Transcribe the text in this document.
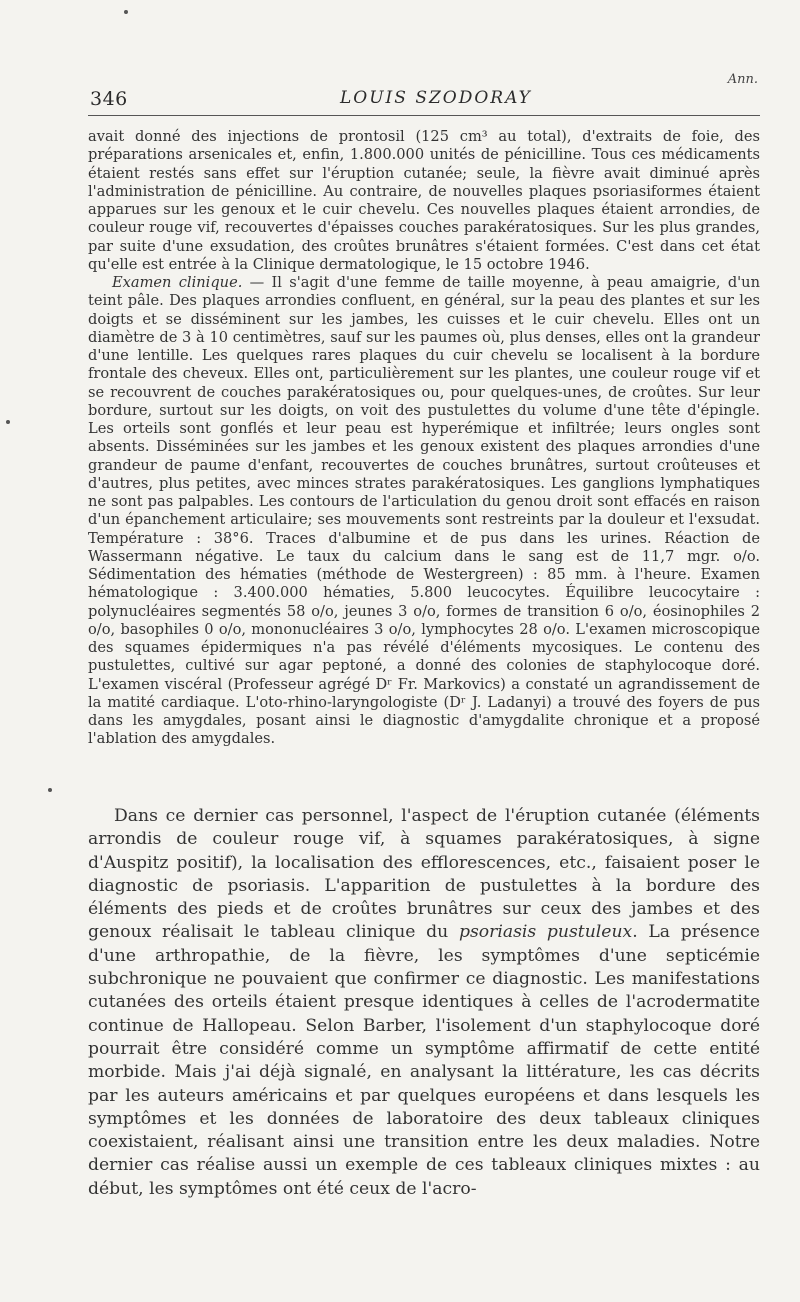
346	LOUIS SZODORAY
Ann.

avait donné des injections de prontosil (125 cm³ au total), d'extraits de foie, des préparations arsenicales et, enfin, 1.800.000 unités de pénicilline. Tous ces médicaments étaient restés sans effet sur l'éruption cutanée; seule, la fièvre avait diminué après l'administration de pénicilline. Au contraire, de nouvelles plaques psoriasiformes étaient apparues sur les genoux et le cuir chevelu. Ces nouvelles plaques étaient arrondies, de couleur rouge vif, recouvertes d'épaisses couches parakératosiques. Sur les plus grandes, par suite d'une exsudation, des croûtes brunâtres s'étaient formées. C'est dans cet état qu'elle est entrée à la Clinique dermatologique, le 15 octobre 1946.

Examen clinique. — Il s'agit d'une femme de taille moyenne, à peau amaigrie, d'un teint pâle. Des plaques arrondies confluent, en général, sur la peau des plantes et sur les doigts et se disséminent sur les jambes, les cuisses et le cuir chevelu. Elles ont un diamètre de 3 à 10 centimètres, sauf sur les paumes où, plus denses, elles ont la grandeur d'une lentille. Les quelques rares plaques du cuir chevelu se localisent à la bordure frontale des cheveux. Elles ont, particulièrement sur les plantes, une couleur rouge vif et se recouvrent de couches parakératosiques ou, pour quelques-unes, de croûtes. Sur leur bordure, surtout sur les doigts, on voit des pustulettes du volume d'une tête d'épingle. Les orteils sont gonflés et leur peau est hyperémique et infiltrée; leurs ongles sont absents. Disséminées sur les jambes et les genoux existent des plaques arrondies d'une grandeur de paume d'enfant, recouvertes de couches brunâtres, surtout croûteuses et d'autres, plus petites, avec minces strates parakératosiques. Les ganglions lymphatiques ne sont pas palpables. Les contours de l'articulation du genou droit sont effacés en raison d'un épanchement articulaire; ses mouvements sont restreints par la douleur et l'exsudat. Température : 38°6. Traces d'albumine et de pus dans les urines. Réaction de Wassermann négative. Le taux du calcium dans le sang est de 11,7 mgr. o/o. Sédimentation des hématies (méthode de Westergreen) : 85 mm. à l'heure. Examen hématologique : 3.400.000 hématies, 5.800 leucocytes. Équilibre leucocytaire : polynucléaires segmentés 58 o/o, jeunes 3 o/o, formes de transition 6 o/o, éosinophiles 2 o/o, basophiles 0 o/o, mononucléaires 3 o/o, lymphocytes 28 o/o. L'examen microscopique des squames épidermiques n'a pas révélé d'éléments mycosiques. Le contenu des pustulettes, cultivé sur agar peptoné, a donné des colonies de staphylocoque doré. L'examen viscéral (Professeur agrégé Dʳ Fr. Markovics) a constaté un agrandissement de la matité cardiaque. L'oto-rhino-laryngologiste (Dʳ J. Ladanyi) a trouvé des foyers de pus dans les amygdales, posant ainsi le diagnostic d'amygdalite chronique et a proposé l'ablation des amygdales.

Dans ce dernier cas personnel, l'aspect de l'éruption cutanée (éléments arrondis de couleur rouge vif, à squames parakératosiques, à signe d'Auspitz positif), la localisation des efflorescences, etc., faisaient poser le diagnostic de psoriasis. L'apparition de pustulettes à la bordure des éléments des pieds et de croûtes brunâtres sur ceux des jambes et des genoux réalisait le tableau clinique du psoriasis pustuleux. La présence d'une arthropathie, de la fièvre, les symptômes d'une septicémie subchronique ne pouvaient que confirmer ce diagnostic. Les manifestations cutanées des orteils étaient presque identiques à celles de l'acrodermatite continue de Hallopeau. Selon Barber, l'isolement d'un staphylocoque doré pourrait être considéré comme un symptôme affirmatif de cette entité morbide. Mais j'ai déjà signalé, en analysant la littérature, les cas décrits par les auteurs américains et par quelques européens et dans lesquels les symptômes et les données de laboratoire des deux tableaux cliniques coexistaient, réalisant ainsi une transition entre les deux maladies. Notre dernier cas réalise aussi un exemple de ces tableaux cliniques mixtes : au début, les symptômes ont été ceux de l'acro-
